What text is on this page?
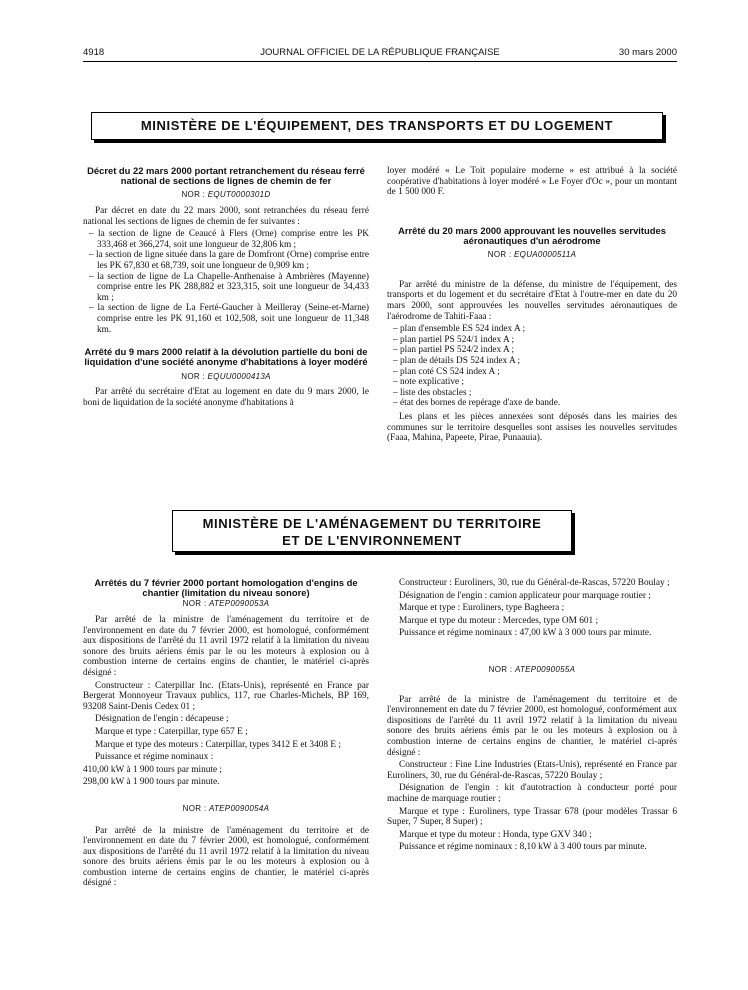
4918	JOURNAL OFFICIEL DE LA RÉPUBLIQUE FRANÇAISE	30 mars 2000
MINISTÈRE DE L'ÉQUIPEMENT, DES TRANSPORTS ET DU LOGEMENT
Décret du 22 mars 2000 portant retranchement du réseau ferré national de sections de lignes de chemin de fer
NOR : EQUT0000301D

Par décret en date du 22 mars 2000, sont retranchées du réseau ferré national les sections de lignes de chemin de fer suivantes :

– la section de ligne de Ceaucé à Flers (Orne) comprise entre les PK 333,468 et 366,274, soit une longueur de 32,806 km ;
– la section de ligne située dans la gare de Domfront (Orne) comprise entre les PK 67,830 et 68,739, soit une longueur de 0,909 km ;
– la section de ligne de La Chapelle-Anthenaise à Ambrières (Mayenne) comprise entre les PK 288,882 et 323,315, soit une longueur de 34,433 km ;
– la section de ligne de La Ferté-Gaucher à Meilleray (Seine-et-Marne) comprise entre les PK 91,160 et 102,508, soit une longueur de 11,348 km.
Arrêté du 9 mars 2000 relatif à la dévolution partielle du boni de liquidation d'une société anonyme d'habitations à loyer modéré
NOR : EQUU0000413A

Par arrêté du secrétaire d'Etat au logement en date du 9 mars 2000, le boni de liquidation de la société anonyme d'habitations à

loyer modéré « Le Toit populaire moderne » est attribué à la société coopérative d'habitations à loyer modéré « Le Foyer d'Oc », pour un montant de 1 500 000 F.

Arrêté du 20 mars 2000 approuvant les nouvelles servitudes aéronautiques d'un aérodrome
NOR : EQUA0000511A

Par arrêté du ministre de la défense, du ministre de l'équipement, des transports et du logement et du secrétaire d'Etat à l'outre-mer en date du 20 mars 2000, sont approuvées les nouvelles servitudes aéronautiques de l'aérodrome de Tahiti-Faaa :

– plan d'ensemble ES 524 index A ;
– plan partiel PS 524/1 index A ;
– plan partiel PS 524/2 index A ;
– plan de détails DS 524 index A ;
– plan coté CS 524 index A ;
– note explicative ;
– liste des obstacles ;
– état des bornes de repérage d'axe de bande.

Les plans et les pièces annexées sont déposés dans les mairies des communes sur le territoire desquelles sont assises les nouvelles servitudes (Faaa, Mahina, Papeete, Pirae, Punaauia).

MINISTÈRE DE L'AMÉNAGEMENT DU TERRITOIRE
ET DE L'ENVIRONNEMENT
Arrêtés du 7 février 2000 portant homologation d'engins de chantier (limitation du niveau sonore)
NOR : ATEP0090053A

Par arrêté de la ministre de l'aménagement du territoire et de l'environnement en date du 7 février 2000, est homologué, conformément aux dispositions de l'arrêté du 11 avril 1972 relatif à la limitation du niveau sonore des bruits aériens émis par le ou les moteurs à explosion ou à combustion interne de certains engins de chantier, le matériel ci-après désigné :

Constructeur : Caterpillar Inc. (Etats-Unis), représenté en France par Bergerat Monnoyeur Travaux publics, 117, rue Charles-Michels, BP 169, 93208 Saint-Denis Cedex 01 ;

Désignation de l'engin : décapeuse ;

Marque et type : Caterpillar, type 657 E ;

Marque et type des moteurs : Caterpillar, types 3412 E et 3408 E ;

Puissance et régime nominaux :

410,00 kW à 1 900 tours par minute ;

298,00 kW à 1 900 tours par minute.

NOR : ATEP0090054A

Par arrêté de la ministre de l'aménagement du territoire et de l'environnement en date du 7 février 2000, est homologué, conformément aux dispositions de l'arrêté du 11 avril 1972 relatif à la limitation du niveau sonore des bruits aériens émis par le ou les moteurs à explosion ou à combustion interne de certains engins de chantier, le matériel ci-après désigné :

Constructeur : Euroliners, 30, rue du Général-de-Rascas, 57220 Boulay ;

Désignation de l'engin : camion applicateur pour marquage routier ;

Marque et type : Euroliners, type Bagheera ;

Marque et type du moteur : Mercedes, type OM 601 ;

Puissance et régime nominaux : 47,00 kW à 3 000 tours par minute.

NOR : ATEP0090055A

Par arrêté de la ministre de l'aménagement du territoire et de l'environnement en date du 7 février 2000, est homologué, conformément aux dispositions de l'arrêté du 11 avril 1972 relatif à la limitation du niveau sonore des bruits aériens émis par le ou les moteurs à explosion ou à combustion interne de certains engins de chantier, le matériel ci-après désigné :

Constructeur : Fine Line Industries (Etats-Unis), représenté en France par Euroliners, 30, rue du Général-de-Rascas, 57220 Boulay ;

Désignation de l'engin : kit d'autotraction à conducteur porté pour machine de marquage routier ;

Marque et type : Euroliners, type Trassar 678 (pour modèles Trassar 6 Super, 7 Super, 8 Super) ;

Marque et type du moteur : Honda, type GXV 340 ;

Puissance et régime nominaux : 8,10 kW à 3 400 tours par minute.
